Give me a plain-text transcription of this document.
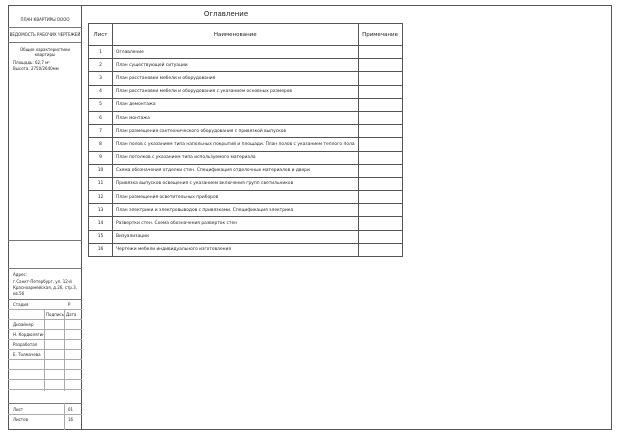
ПЛАН КВАРТИРЫ ОООО
ВЕДОМОСТЬ РАБОЧИХ ЧЕРТЕЖЕЙ
Общие характеристики
квартиры
Площадь: 62,7 м²
Высота: 2750/2640мм
Адрес:
г.Санкт-Петербург, ул. 12-й
Красноармейская, д.26, стр.3,
кв.56
Стадия	Р
Подпись Дата
Дизайнер
Н. Кордюлягин
Разработал
Е. Толмачева
Лист	01
Листов	16
Оглавление
Лист	Наименование	Примечание
1	Оглавление	
2	План существующей ситуации	
3	План расстановки мебели и оборудования	
4	План расстановки мебели и оборудования с указанием основных размеров	
5	План демонтажа	
6	План монтажа	
7	План размещения сантехнического оборудования с привязкой выпусков	
8	План полов с указанием типа напольных покрытий и площади. План полов с указанием теплого пола	
9	План потолков с указанием типа используемого материала	
10	Схема обозначения отделки стен. Спецификация отделочных материалов и двери	
11	Привязка выпусков освещения с указанием включения групп светильников	
12	План размещения осветительных приборов	
13	План электрики и электровыводов с привязками. Спецификация электрика	
14	Развертки стен. Схема обозначения разверток стен	
15	Визуализации	
16	Чертежи мебели индивидуального изготовления	
